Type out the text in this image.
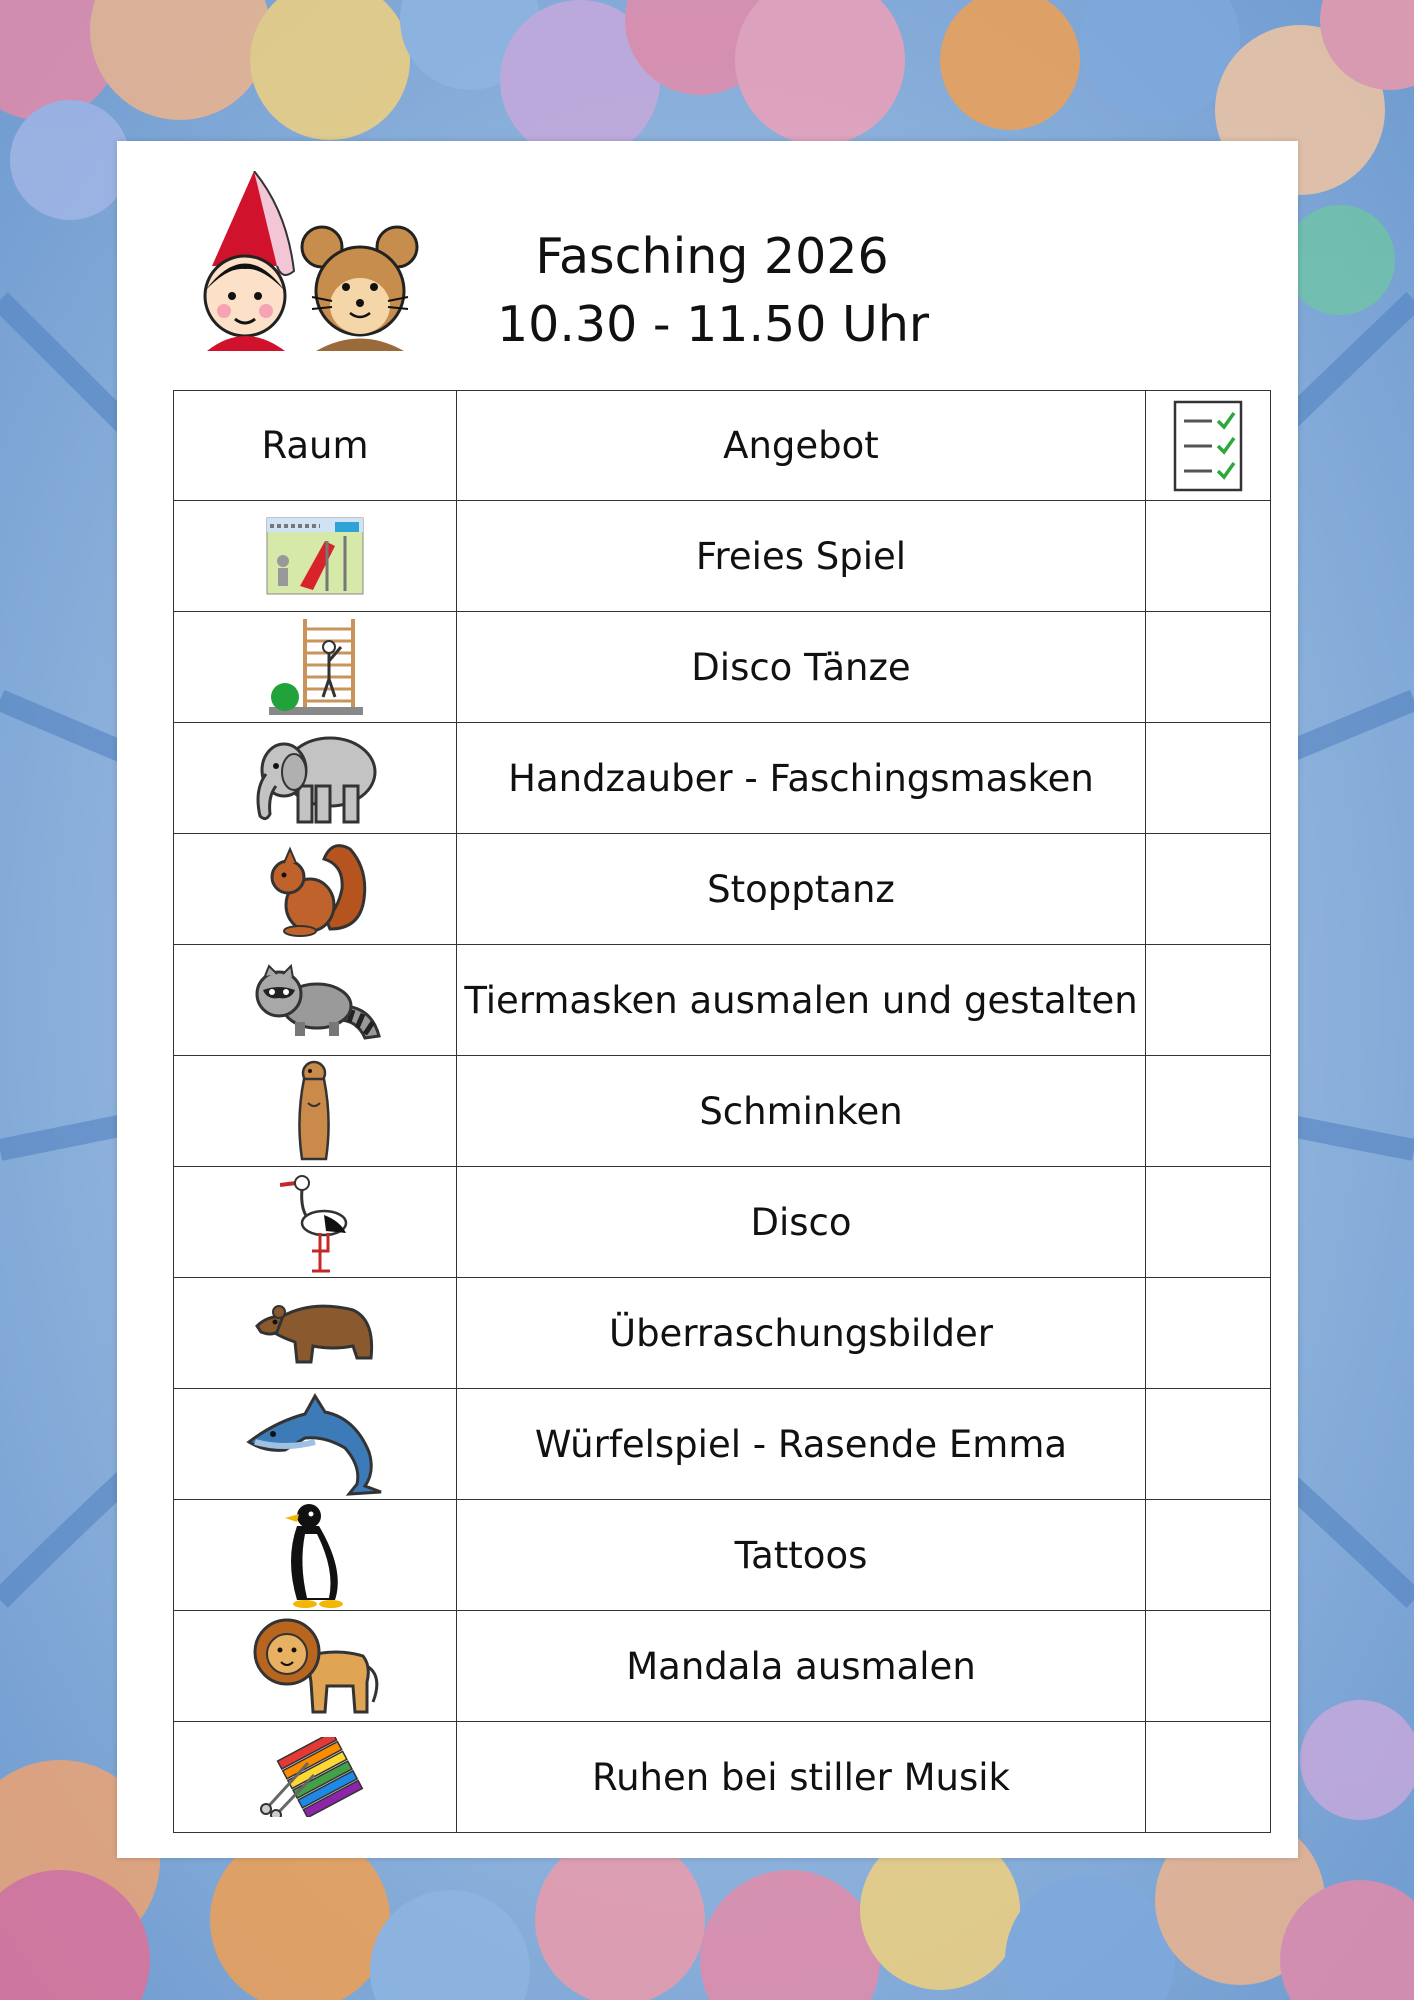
Fasching 2026
10.30 - 11.50 Uhr
Raum	Angebot	

	Freies Spiel	

	Disco Tänze	

	Handzauber - Faschingsmasken	

	Stopptanz	

	Tiermasken ausmalen und gestalten	

	Schminken	

	Disco	

	Überraschungsbilder	

	Würfelspiel - Rasende Emma	

	Tattoos	

	Mandala ausmalen	

	Ruhen bei stiller Musik	
